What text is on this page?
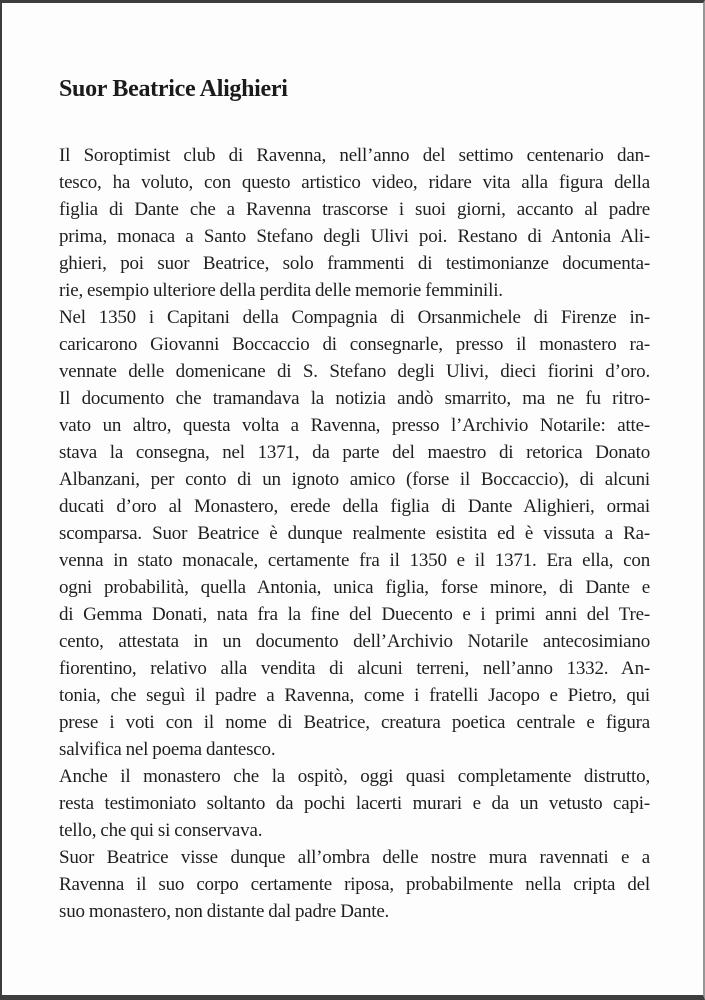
Suor Beatrice Alighieri
Il Soroptimist club di Ravenna, nell’anno del settimo centenario dan-
tesco, ha voluto, con questo artistico video, ridare vita alla figura della
figlia di Dante che a Ravenna trascorse i suoi giorni, accanto al padre
prima, monaca a Santo Stefano degli Ulivi poi. Restano di Antonia Ali-
ghieri, poi suor Beatrice, solo frammenti di testimonianze documenta-
rie, esempio ulteriore della perdita delle memorie femminili.
Nel 1350 i Capitani della Compagnia di Orsanmichele di Firenze in-
caricarono Giovanni Boccaccio di consegnarle, presso il monastero ra-
vennate delle domenicane di S. Stefano degli Ulivi, dieci fiorini d’oro.
Il documento che tramandava la notizia andò smarrito, ma ne fu ritro-
vato un altro, questa volta a Ravenna, presso l’Archivio Notarile: atte-
stava la consegna, nel 1371, da parte del maestro di retorica Donato
Albanzani, per conto di un ignoto amico (forse il Boccaccio), di alcuni
ducati d’oro al Monastero, erede della figlia di Dante Alighieri, ormai
scomparsa. Suor Beatrice è dunque realmente esistita ed è vissuta a Ra-
venna in stato monacale, certamente fra il 1350 e il 1371. Era ella, con
ogni probabilità, quella Antonia, unica figlia, forse minore, di Dante e
di Gemma Donati, nata fra la fine del Duecento e i primi anni del Tre-
cento, attestata in un documento dell’Archivio Notarile antecosimiano
fiorentino, relativo alla vendita di alcuni terreni, nell’anno 1332. An-
tonia, che seguì il padre a Ravenna, come i fratelli Jacopo e Pietro, qui
prese i voti con il nome di Beatrice, creatura poetica centrale e figura
salvifica nel poema dantesco.
Anche il monastero che la ospitò, oggi quasi completamente distrutto,
resta testimoniato soltanto da pochi lacerti murari e da un vetusto capi-
tello, che qui si conservava.
Suor Beatrice visse dunque all’ombra delle nostre mura ravennati e a
Ravenna il suo corpo certamente riposa, probabilmente nella cripta del
suo monastero, non distante dal padre Dante.
